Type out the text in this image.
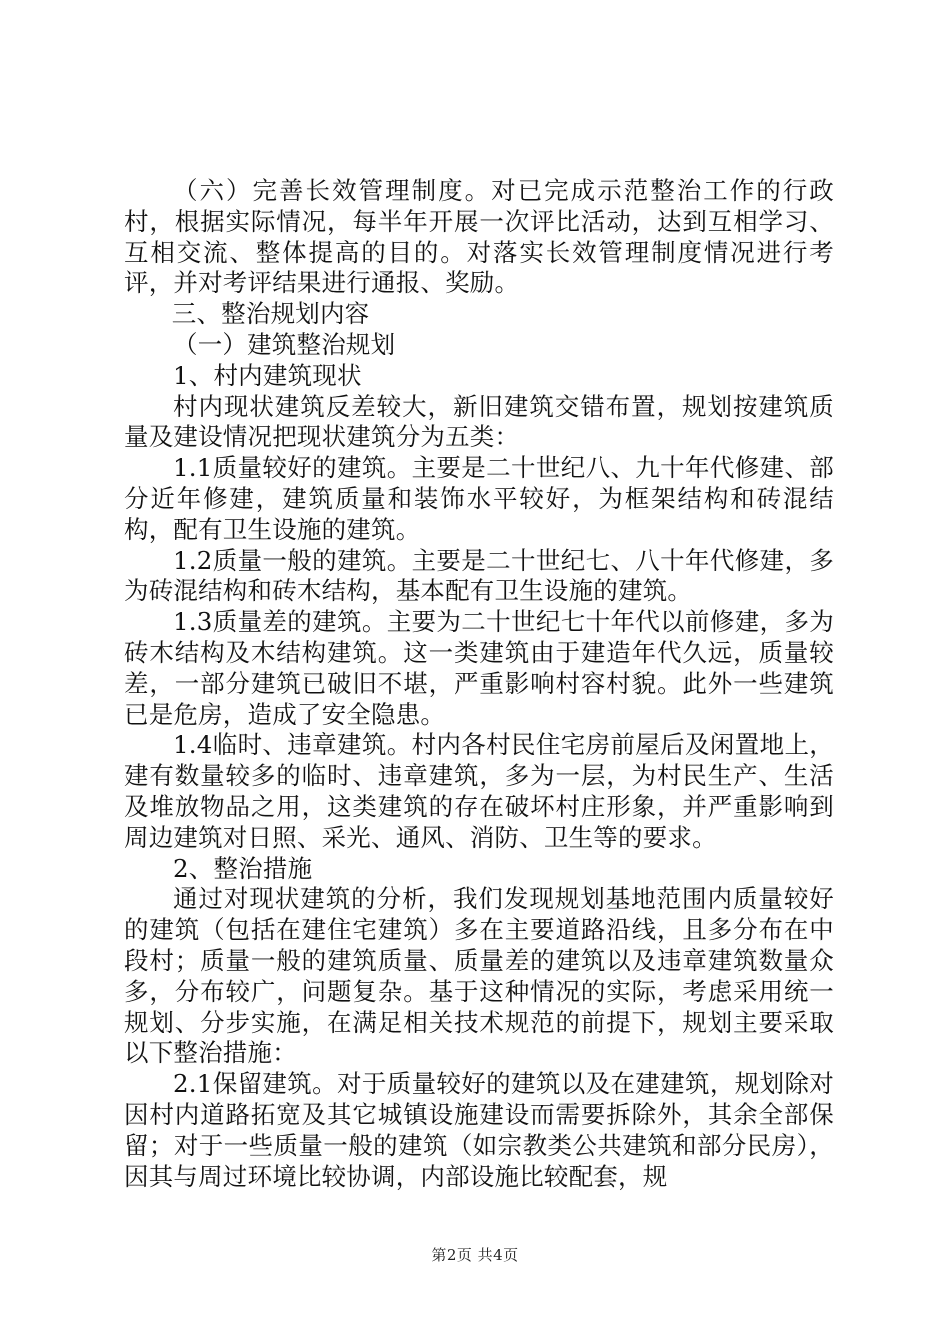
（六）完善长效管理制度。对已完成示范整治工作的行政村，根据实际情况，每半年开展一次评比活动，达到互相学习、互相交流、整体提高的目的。对落实长效管理制度情况进行考评，并对考评结果进行通报、奖励。

三、整治规划内容

（一）建筑整治规划

1、村内建筑现状

村内现状建筑反差较大，新旧建筑交错布置，规划按建筑质量及建设情况把现状建筑分为五类：

1.1质量较好的建筑。主要是二十世纪八、九十年代修建、部分近年修建，建筑质量和装饰水平较好，为框架结构和砖混结构，配有卫生设施的建筑。

1.2质量一般的建筑。主要是二十世纪七、八十年代修建，多为砖混结构和砖木结构，基本配有卫生设施的建筑。

1.3质量差的建筑。主要为二十世纪七十年代以前修建，多为砖木结构及木结构建筑。这一类建筑由于建造年代久远，质量较差，一部分建筑已破旧不堪，严重影响村容村貌。此外一些建筑已是危房，造成了安全隐患。

1.4临时、违章建筑。村内各村民住宅房前屋后及闲置地上，建有数量较多的临时、违章建筑，多为一层，为村民生产、生活及堆放物品之用，这类建筑的存在破坏村庄形象，并严重影响到周边建筑对日照、采光、通风、消防、卫生等的要求。

2、整治措施

通过对现状建筑的分析，我们发现规划基地范围内质量较好的建筑（包括在建住宅建筑）多在主要道路沿线，且多分布在中段村；质量一般的建筑质量、质量差的建筑以及违章建筑数量众多，分布较广，问题复杂。基于这种情况的实际，考虑采用统一规划、分步实施，在满足相关技术规范的前提下，规划主要采取以下整治措施：

2.1保留建筑。对于质量较好的建筑以及在建建筑，规划除对因村内道路拓宽及其它城镇设施建设而需要拆除外，其余全部保留；对于一些质量一般的建筑（如宗教类公共建筑和部分民房），因其与周过环境比较协调，内部设施比较配套，规

第2页 共4页
